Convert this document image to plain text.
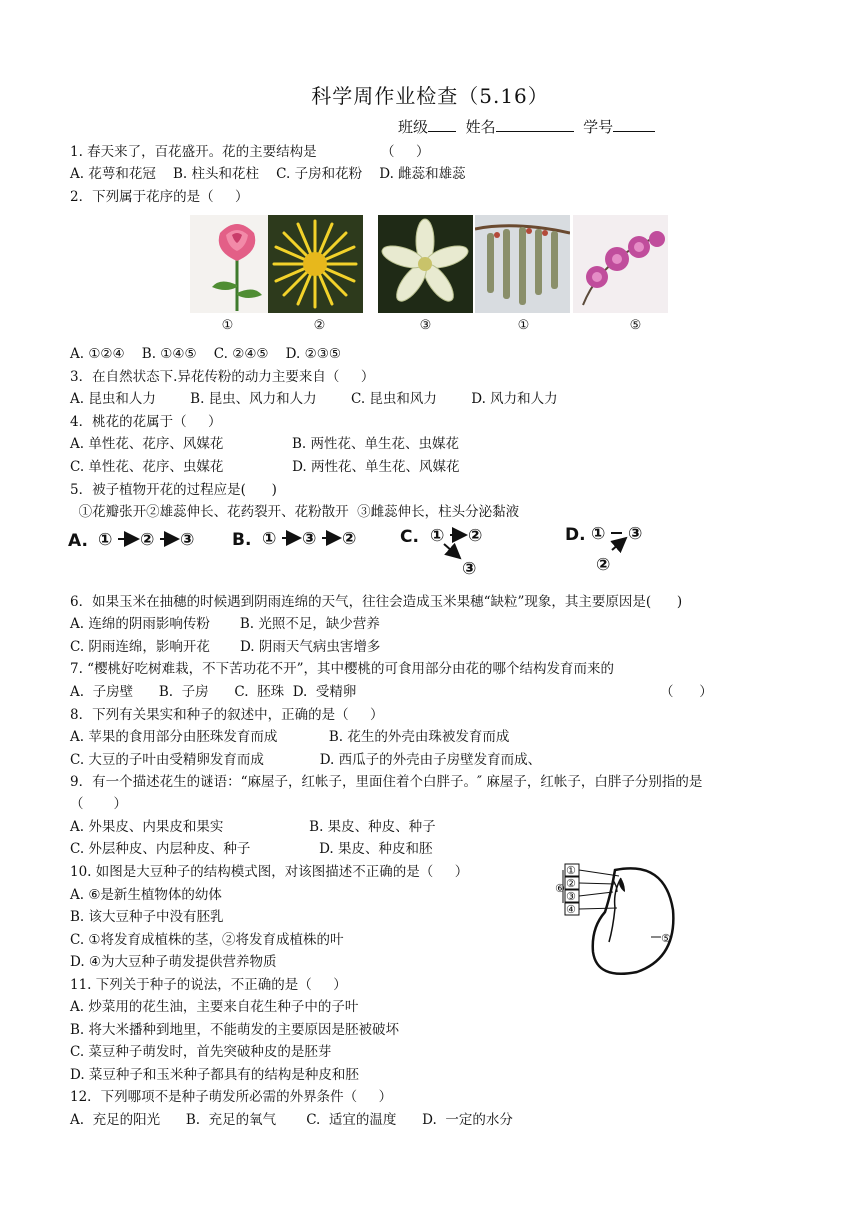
科学周作业检查（5.16）
班级	姓名	学号
1. 春天来了，百花盛开。花的主要结构是               （     ）
A. 花萼和花冠    B. 柱头和花柱    C. 子房和花粉    D. 雌蕊和雄蕊
2．下列属于花序的是（     ）
A. ①②④    B. ①④⑤    C. ②④⑤    D. ②③⑤
3．在自然状态下.异花传粉的动力主要来自（     ）
A. 昆虫和人力        B. 昆虫、风力和人力        C. 昆虫和风力        D. 风力和人力
4．桃花的花属于（     ）
A. 单性花、花序、风媒花                B. 两性花、单生花、虫媒花
C. 单性花、花序、虫媒花                D. 两性花、单生花、风媒花
5．被子植物开花的过程应是(      )
①花瓣张开②雄蕊伸长、花药裂开、花粉散开  ③雌蕊伸长，柱头分泌黏液
6．如果玉米在抽穗的时候遇到阴雨连绵的天气，往往会造成玉米果穗“缺粒”现象，其主要原因是(      )
A. 连绵的阴雨影响传粉       B. 光照不足，缺少营养
C. 阴雨连绵，影响开花       D. 阴雨天气病虫害增多
7. “樱桃好吃树难栽，不下苦功花不开”，其中樱桃的可食用部分由花的哪个结构发育而来的
A.  子房壁      B.  子房      C.  胚珠  D.  受精卵
8．下列有关果实和种子的叙述中，正确的是（     ）
A. 苹果的食用部分由胚珠发育而成            B. 花生的外壳由珠被发育而成
C. 大豆的子叶由受精卵发育而成             D. 西瓜子的外壳由子房壁发育而成、
9．有一个描述花生的谜语：“麻屋子，红帐子，里面住着个白胖子。″ 麻屋子，红帐子，白胖子分别指的是
（       ）
A. 外果皮、内果皮和果实                    B. 果皮、种皮、种子
C. 外层种皮、内层种皮、种子                D. 果皮、种皮和胚
10. 如图是大豆种子的结构模式图，对该图描述不正确的是（     ）
A. ⑥是新生植物体的幼体
B. 该大豆种子中没有胚乳
C. ①将发育成植株的茎，②将发育成植株的叶
D. ④为大豆种子萌发提供营养物质
11. 下列关于种子的说法，不正确的是（     ）
A. 炒菜用的花生油，主要来自花生种子中的子叶
B. 将大米播种到地里，不能萌发的主要原因是胚被破坏
C. 菜豆种子萌发时，首先突破种皮的是胚芽
D. 菜豆种子和玉米种子都具有的结构是种皮和胚
12．下列哪项不是种子萌发所必需的外界条件（     ）
A.  充足的阳光      B.  充足的氧气       C.  适宜的温度      D.  一定的水分
（      ）
①	②	③	①	⑤
A. ① ② ③ B. ① ③ ②	C. ① ②
③
D. ① ③
②
①
②
③
④
⑤
⑥
